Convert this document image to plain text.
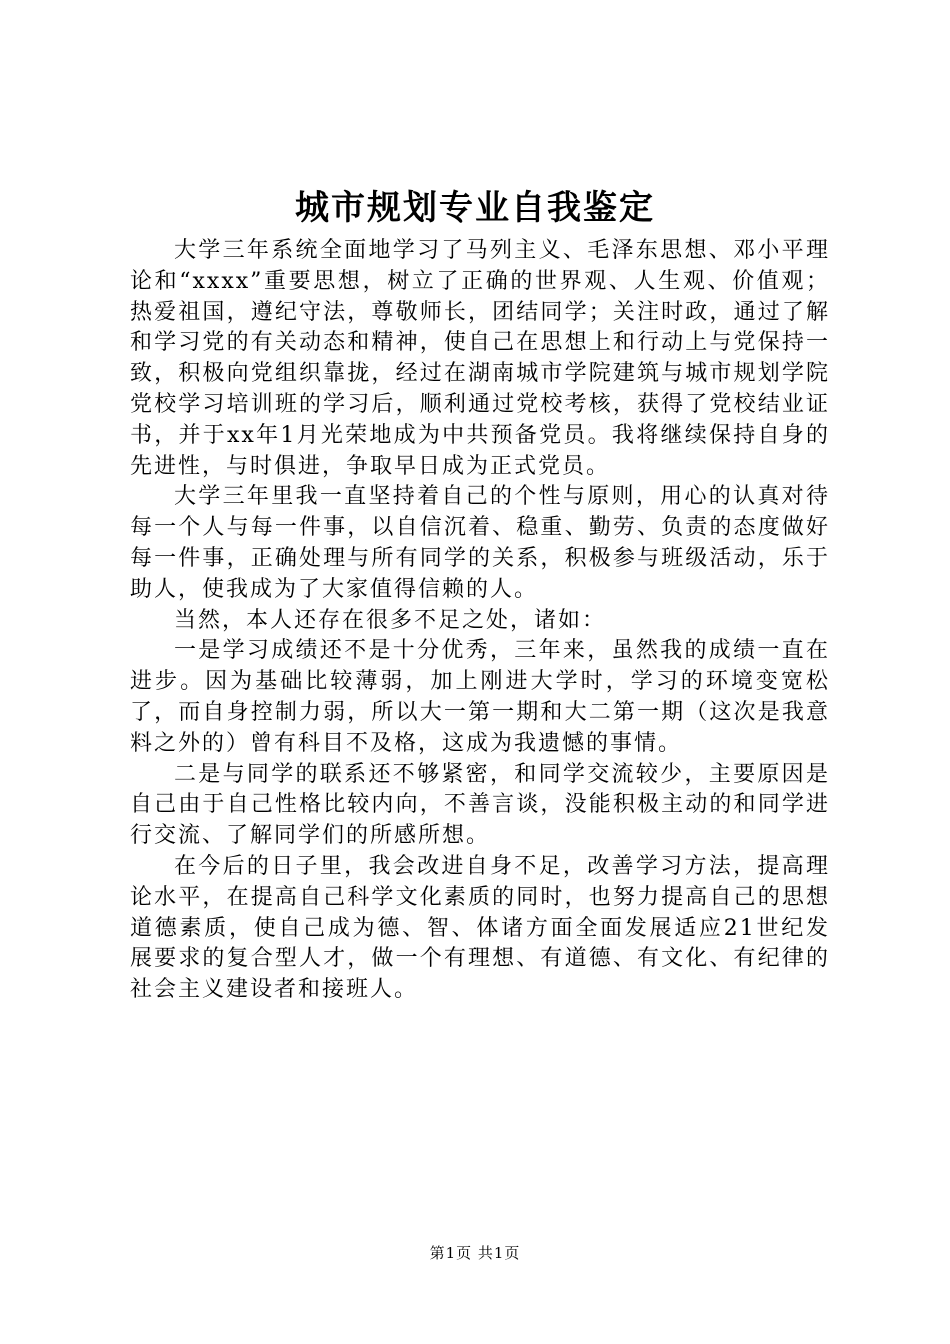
城市规划专业自我鉴定

大学三年系统全面地学习了马列主义、毛泽东思想、邓小平理论和“xxxx”重要思想，树立了正确的世界观、人生观、价值观；热爱祖国，遵纪守法，尊敬师长，团结同学；关注时政，通过了解和学习党的有关动态和精神，使自己在思想上和行动上与党保持一致，积极向党组织靠拢，经过在湖南城市学院建筑与城市规划学院党校学习培训班的学习后，顺利通过党校考核，获得了党校结业证书，并于xx年1月光荣地成为中共预备党员。我将继续保持自身的先进性，与时俱进，争取早日成为正式党员。

大学三年里我一直坚持着自己的个性与原则，用心的认真对待每一个人与每一件事，以自信沉着、稳重、勤劳、负责的态度做好每一件事，正确处理与所有同学的关系，积极参与班级活动，乐于助人，使我成为了大家值得信赖的人。

当然，本人还存在很多不足之处，诸如：

一是学习成绩还不是十分优秀，三年来，虽然我的成绩一直在进步。因为基础比较薄弱，加上刚进大学时，学习的环境变宽松了，而自身控制力弱，所以大一第一期和大二第一期（这次是我意料之外的）曾有科目不及格，这成为我遗憾的事情。

二是与同学的联系还不够紧密，和同学交流较少，主要原因是自己由于自己性格比较内向，不善言谈，没能积极主动的和同学进行交流、了解同学们的所感所想。

在今后的日子里，我会改进自身不足，改善学习方法，提高理论水平，在提高自己科学文化素质的同时，也努力提高自己的思想道德素质，使自己成为德、智、体诸方面全面发展适应21世纪发展要求的复合型人才，做一个有理想、有道德、有文化、有纪律的社会主义建设者和接班人。

第1页 共1页
